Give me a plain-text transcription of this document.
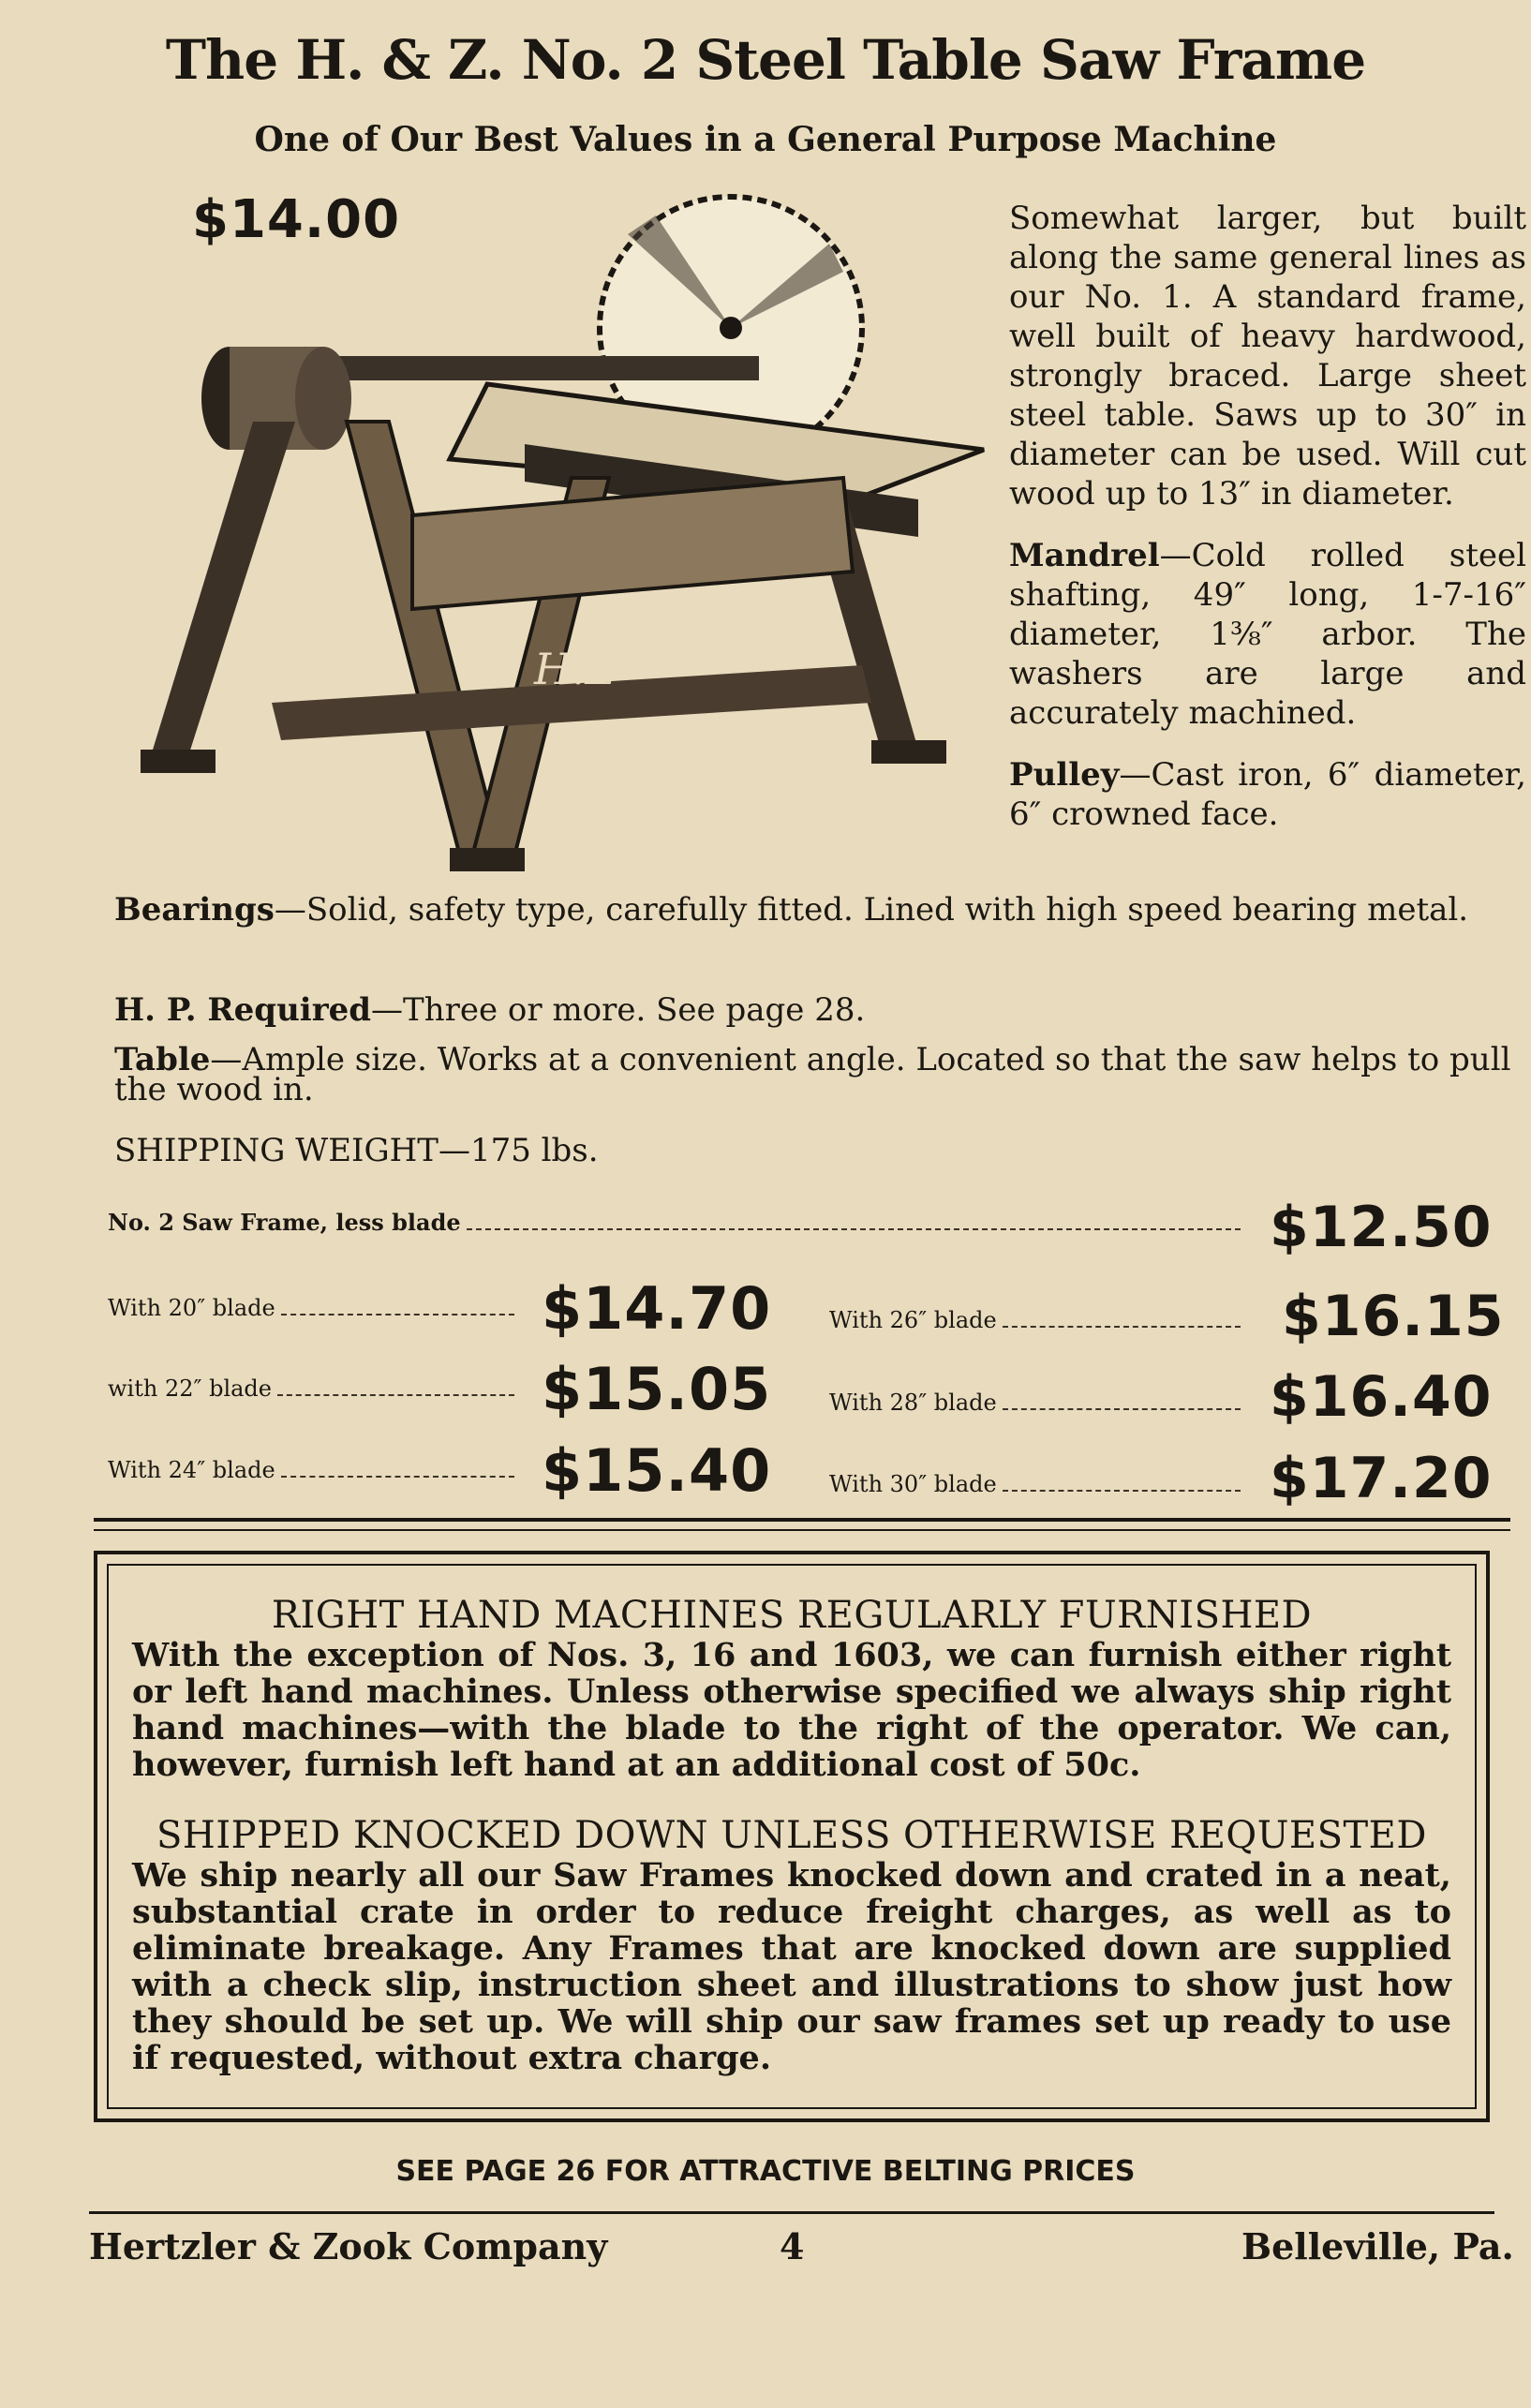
The H. & Z. No. 2 Steel Table Saw Frame
One of Our Best Values in a General Purpose Machine
$14.00
H.Z

Somewhat larger, but built along the same general lines as our No. 1. A standard frame, well built of heavy hardwood, strongly braced. Large sheet steel table. Saws up to 30″ in diameter can be used. Will cut wood up to 13″ in diameter.

Mandrel—Cold rolled steel shafting, 49″ long, 1-7-16″ diameter, 1⅜″ arbor. The washers are large and accurately machined.

Pulley—Cast iron, 6″ diameter, 6″ crowned face.

Bearings—Solid, safety type, carefully fitted. Lined with high speed bearing metal.
H. P. Required—Three or more. See page 28.
Table—Ample size. Works at a convenient angle. Located so that the saw helps to pull the wood in.
SHIPPING WEIGHT—175 lbs.
No. 2 Saw Frame, less blade	$12.50
With 20″ blade	$14.70
with 22″ blade	$15.05
With 24″ blade	$15.40
With 26″ blade	$16.15
With 28″ blade	$16.40
With 30″ blade	$17.20
RIGHT HAND MACHINES REGULARLY FURNISHED
With the exception of Nos. 3, 16 and 1603, we can furnish either right or left hand machines. Unless otherwise specified we always ship right hand machines—with the blade to the right of the operator. We can, however, furnish left hand at an additional cost of 50c.
SHIPPED KNOCKED DOWN UNLESS OTHERWISE REQUESTED
We ship nearly all our Saw Frames knocked down and crated in a neat, substantial crate in order to reduce freight charges, as well as to eliminate breakage. Any Frames that are knocked down are supplied with a check slip, instruction sheet and illustrations to show just how they should be set up. We will ship our saw frames set up ready to use if requested, without extra charge.
SEE PAGE 26 FOR ATTRACTIVE BELTING PRICES
Hertzler & Zook Company	4	Belleville, Pa.
